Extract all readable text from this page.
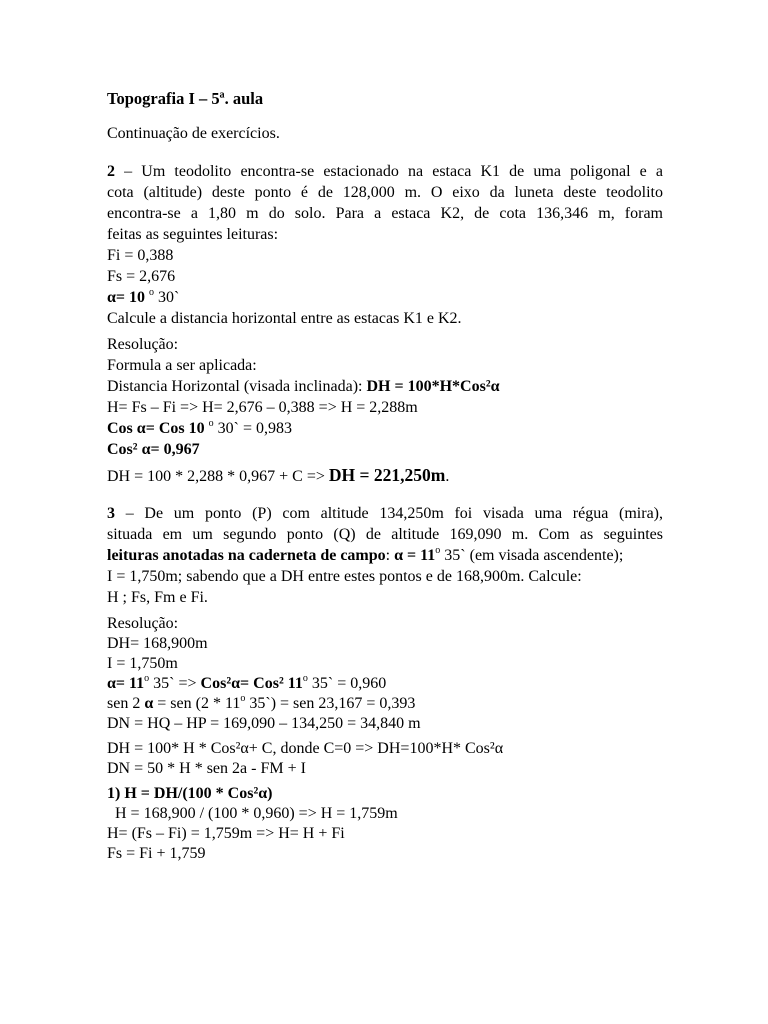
Topografia I – 5ª. aula

Continuação de exercícios.

2 – Um teodolito encontra-se estacionado na estaca K1 de uma poligonal e a

cota (altitude) deste ponto é de 128,000 m. O eixo da luneta deste teodolito

encontra-se a 1,80 m do solo. Para a estaca K2, de cota 136,346 m, foram

feitas as seguintes leituras:

Fi = 0,388

Fs = 2,676

α= 10 $^o$ 30`

Calcule a distancia horizontal entre as estacas K1 e K2.

Resolução:

Formula a ser aplicada:

Distancia Horizontal (visada inclinada): DH = 100*H*Cos²α

H= Fs – Fi => H= 2,676 – 0,388 => H = 2,288m

Cos α= Cos 10 $^o$ 30` = 0,983

Cos² α= 0,967

DH = 100 * 2,288 * 0,967 + C => DH = 221,250m.

3 – De um ponto (P) com altitude 134,250m foi visada uma régua (mira),

situada em um segundo ponto (Q) de altitude 169,090 m. Com as seguintes

leituras anotadas na caderneta de campo: $\alpha = 11^o$ 35` (em visada ascendente);

I = 1,750m; sabendo que a DH entre estes pontos e de 168,900m. Calcule:

H ; Fs, Fm e Fi.

Resolução:

DH= 168,900m

I = 1,750m

$\alpha= 11^o$ 35` => Cos²α= Cos² 11$^o$ 35` = 0,960

sen 2 α = sen (2 * 11$^o$ 35`) = sen 23,167 = 0,393

DN = HQ – HP = 169,090 – 134,250 = 34,840 m

DH = 100* H * Cos²α+ C, donde C=0 => DH=100*H* Cos²α

DN = 50 * H * sen 2a - FM + I

1) H = DH/(100 * Cos²α)

H = 168,900 / (100 * 0,960) => H = 1,759m

H= (Fs – Fi) = 1,759m => H= H + Fi

Fs = Fi + 1,759
